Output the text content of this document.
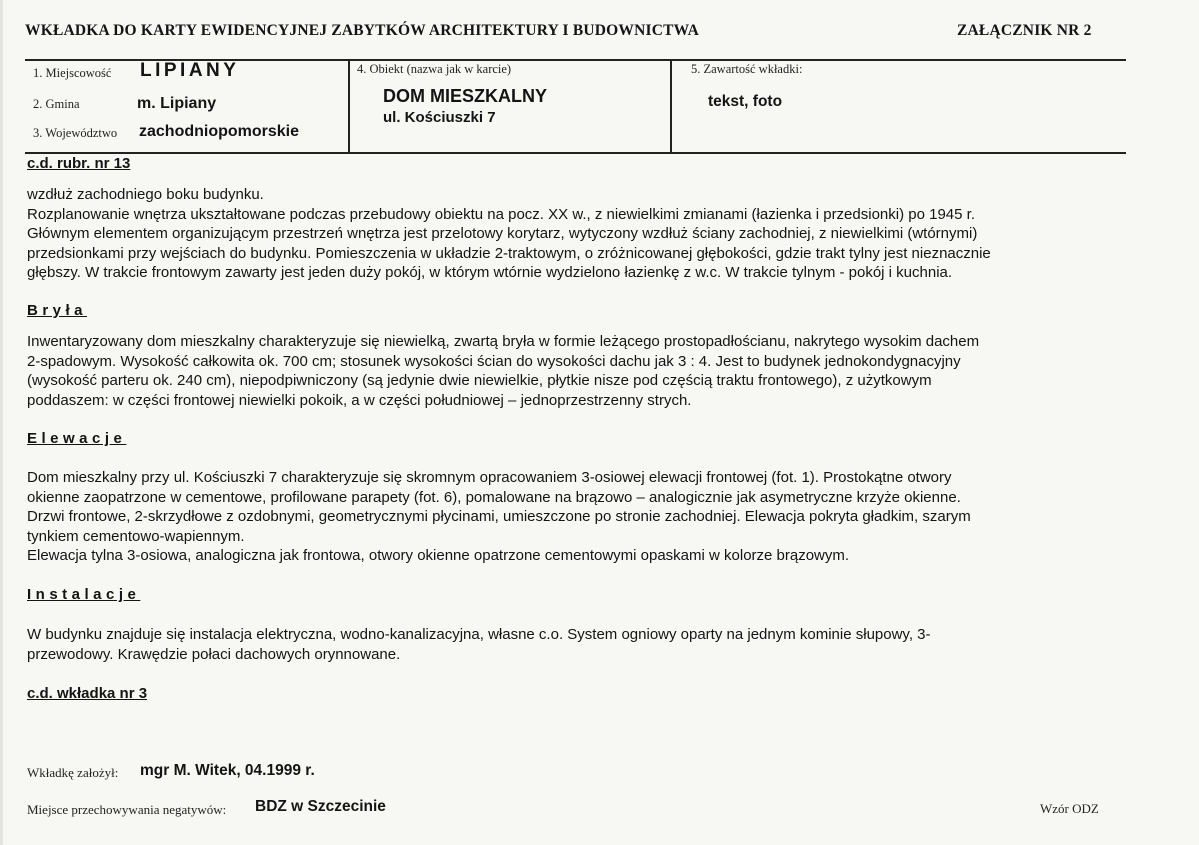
WKŁADKA DO KARTY EWIDENCYJNEJ ZABYTKÓW ARCHITEKTURY I BUDOWNICTWA	ZAŁĄCZNIK NR 2
1. Miejscowość LIPIANY
2. Gmina	m. Lipiany
3. Województwo zachodniopomorskie
4. Obiekt (nazwa jak w karcie)
DOM MIESZKALNY
ul. Kościuszki 7
5. Zawartość wkładki:
tekst, foto
c.d. rubr. nr 13
wzdłuż zachodniego boku budynku.
Rozplanowanie wnętrza ukształtowane podczas przebudowy obiektu na pocz. XX w., z niewielkimi zmianami (łazienka i przedsionki) po 1945 r.
Głównym elementem organizującym przestrzeń wnętrza jest przelotowy korytarz, wytyczony wzdłuż ściany zachodniej, z niewielkimi (wtórnymi)
przedsionkami przy wejściach do budynku. Pomieszczenia w układzie 2-traktowym, o zróżnicowanej głębokości, gdzie trakt tylny jest nieznacznie
głębszy. W trakcie frontowym zawarty jest jeden duży pokój, w którym wtórnie wydzielono łazienkę z w.c. W trakcie tylnym - pokój i kuchnia.
Bryła
Inwentaryzowany dom mieszkalny charakteryzuje się niewielką, zwartą bryła w formie leżącego prostopadłościanu, nakrytego wysokim dachem
2-spadowym. Wysokość całkowita ok. 700 cm; stosunek wysokości ścian do wysokości dachu jak 3 : 4. Jest to budynek jednokondygnacyjny
(wysokość parteru ok. 240 cm), niepodpiwniczony (są jedynie dwie niewielkie, płytkie nisze pod częścią traktu frontowego), z użytkowym
poddaszem: w części frontowej niewielki pokoik, a w części południowej – jednoprzestrzenny strych.
Elewacje
Dom mieszkalny przy ul. Kościuszki 7 charakteryzuje się skromnym opracowaniem 3-osiowej elewacji frontowej (fot. 1). Prostokątne otwory
okienne zaopatrzone w cementowe, profilowane parapety (fot. 6), pomalowane na brązowo – analogicznie jak asymetryczne krzyże okienne.
Drzwi frontowe, 2-skrzydłowe z ozdobnymi, geometrycznymi płycinami, umieszczone po stronie zachodniej. Elewacja pokryta gładkim, szarym
tynkiem cementowo-wapiennym.
Elewacja tylna 3-osiowa, analogiczna jak frontowa, otwory okienne opatrzone cementowymi opaskami w kolorze brązowym.
Instalacje
W budynku znajduje się instalacja elektryczna, wodno-kanalizacyjna, własne c.o. System ogniowy oparty na jednym kominie słupowy, 3-
przewodowy. Krawędzie połaci dachowych orynnowane.
c.d. wkładka nr 3
Wkładkę założył: mgr M. Witek, 04.1999 r.
Miejsce przechowywania negatywów: BDZ w Szczecinie	Wzór ODZ
